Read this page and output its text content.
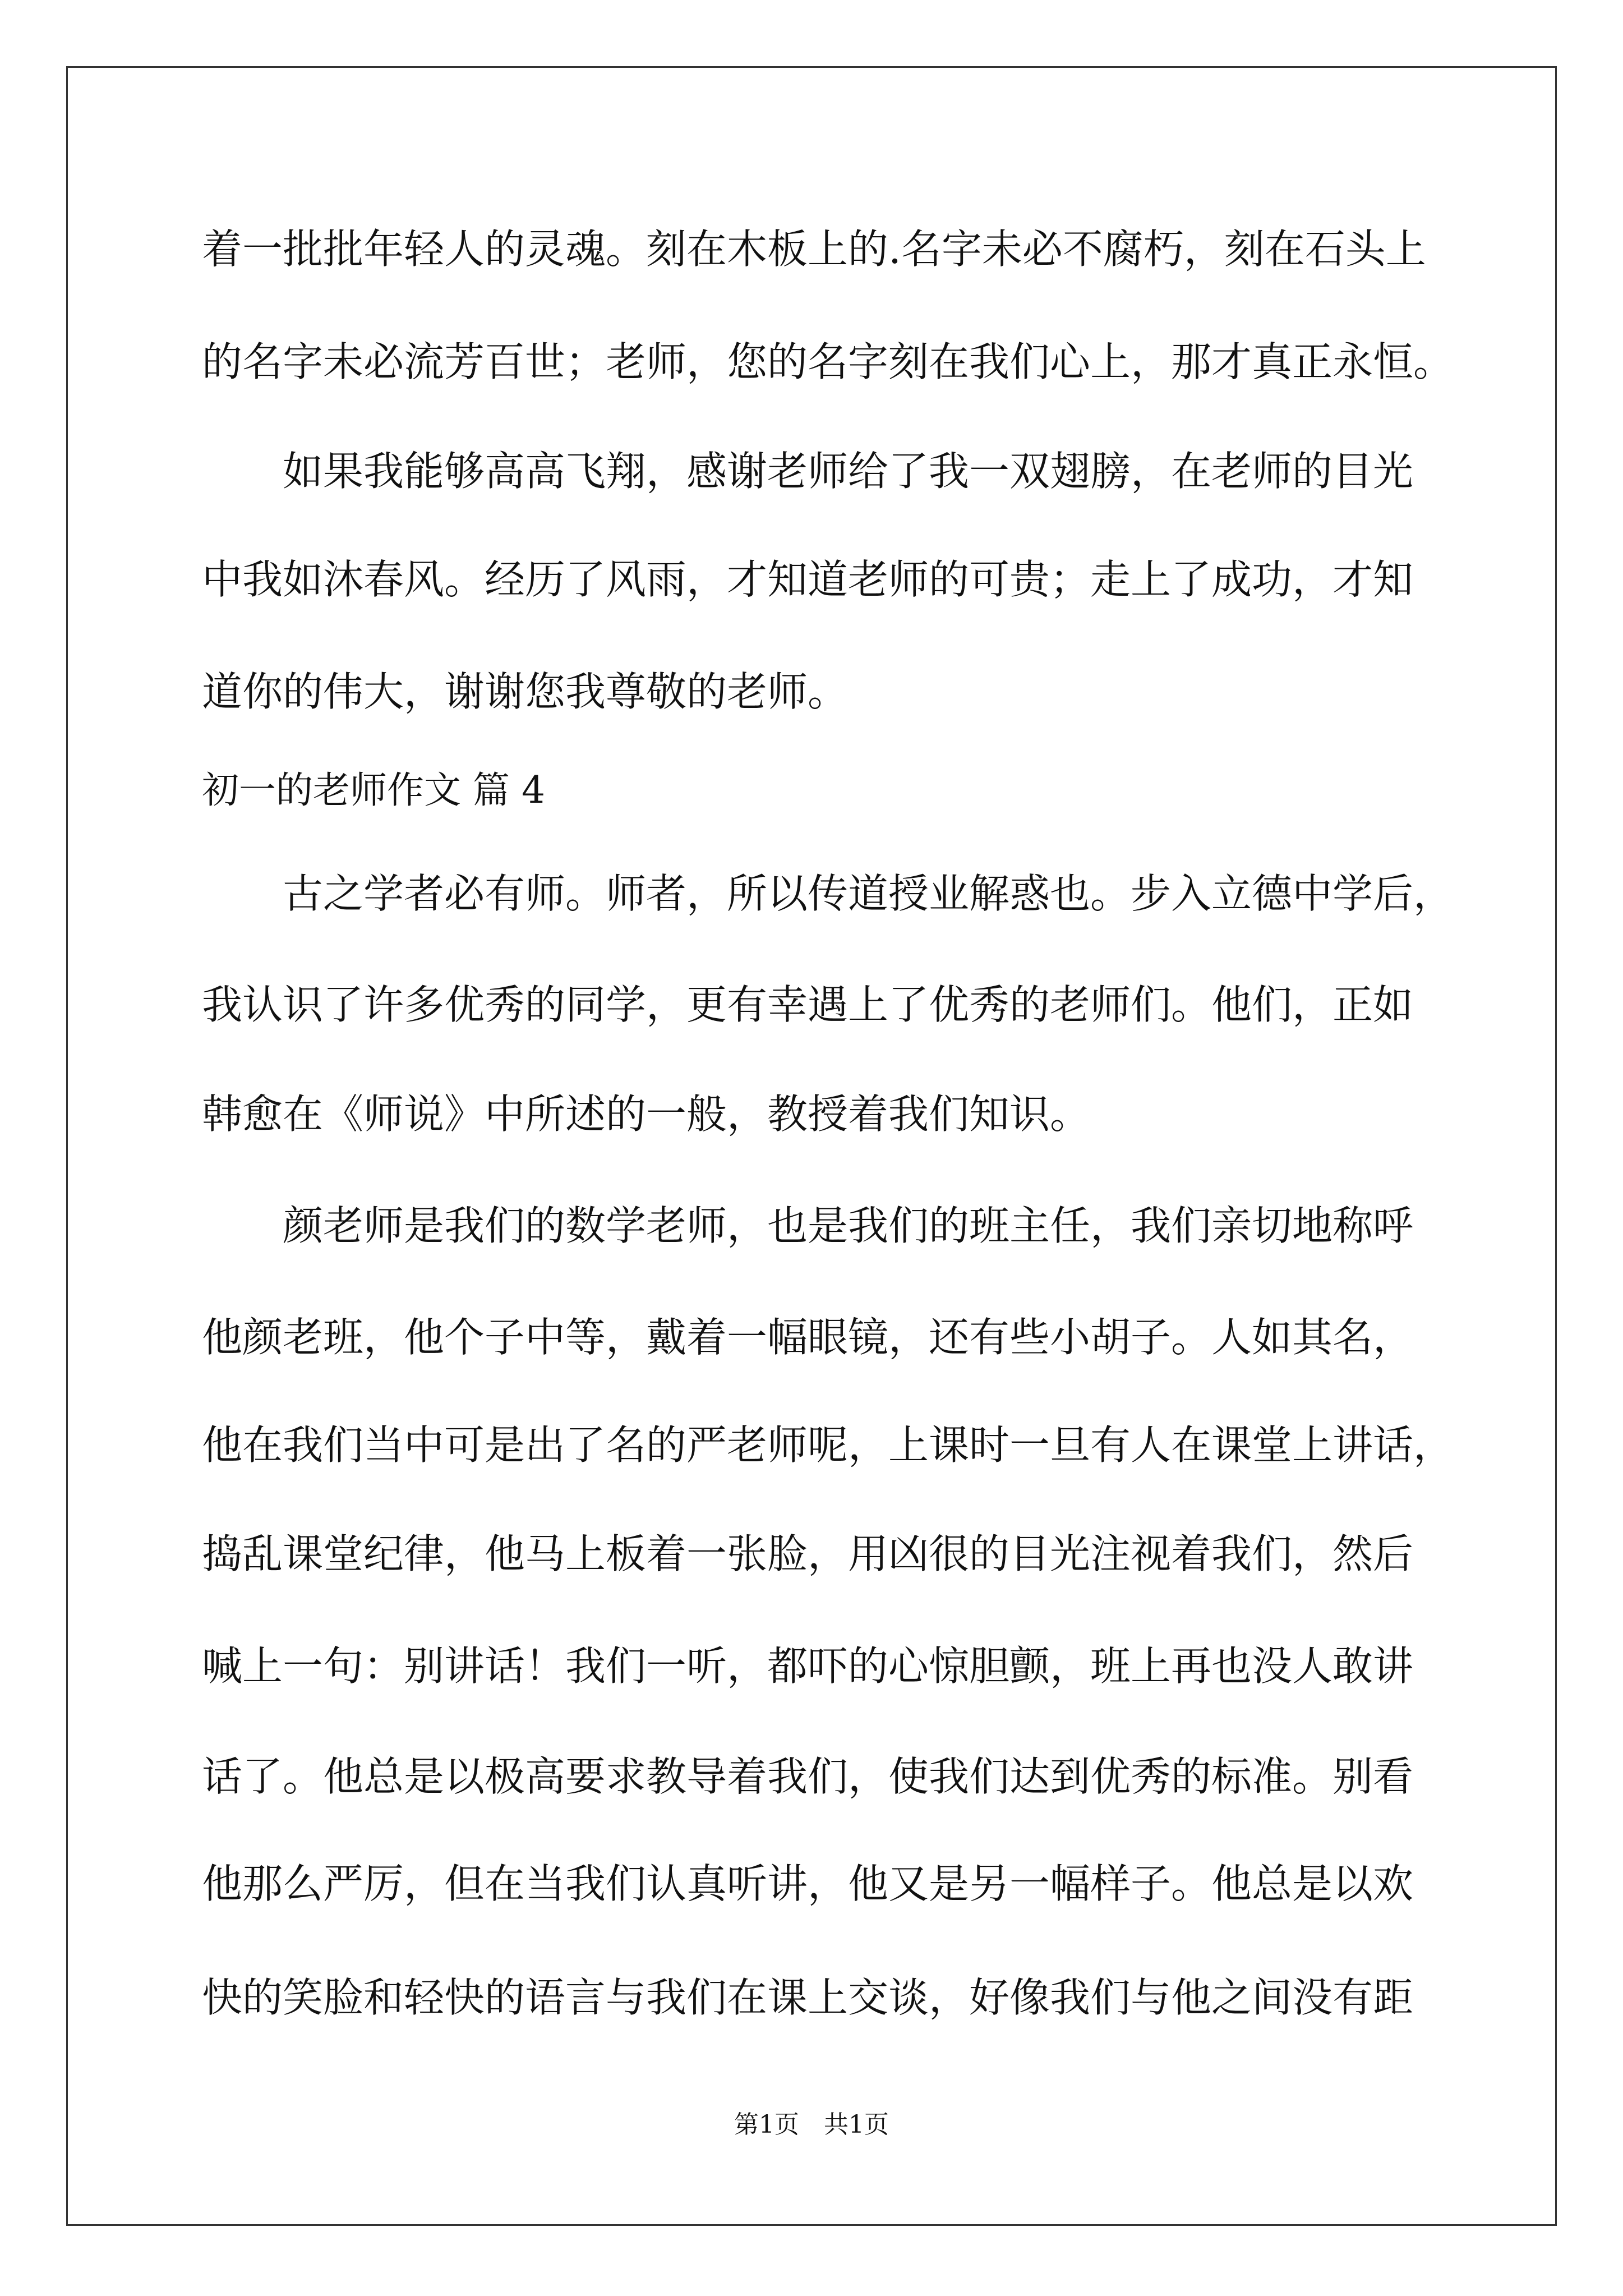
着一批批年轻人的灵魂。刻在木板上的.名字未必不腐朽，刻在石头上
的名字未必流芳百世；老师，您的名字刻在我们心上，那才真正永恒。
　　如果我能够高高飞翔，感谢老师给了我一双翅膀，在老师的目光
中我如沐春风。经历了风雨，才知道老师的可贵；走上了成功，才知
道你的伟大，谢谢您我尊敬的老师。
初一的老师作文 篇 4
　　古之学者必有师。师者，所以传道授业解惑也。步入立德中学后，
我认识了许多优秀的同学，更有幸遇上了优秀的老师们。他们，正如
韩愈在《师说》中所述的一般，教授着我们知识。
　　颜老师是我们的数学老师，也是我们的班主任，我们亲切地称呼
他颜老班，他个子中等，戴着一幅眼镜，还有些小胡子。人如其名，
他在我们当中可是出了名的严老师呢，上课时一旦有人在课堂上讲话，
捣乱课堂纪律，他马上板着一张脸，用凶很的目光注视着我们，然后
喊上一句：别讲话！我们一听，都吓的心惊胆颤，班上再也没人敢讲
话了。他总是以极高要求教导着我们，使我们达到优秀的标准。别看
他那么严厉，但在当我们认真听讲，他又是另一幅样子。他总是以欢
快的笑脸和轻快的语言与我们在课上交谈，好像我们与他之间没有距
第1页　共1页
